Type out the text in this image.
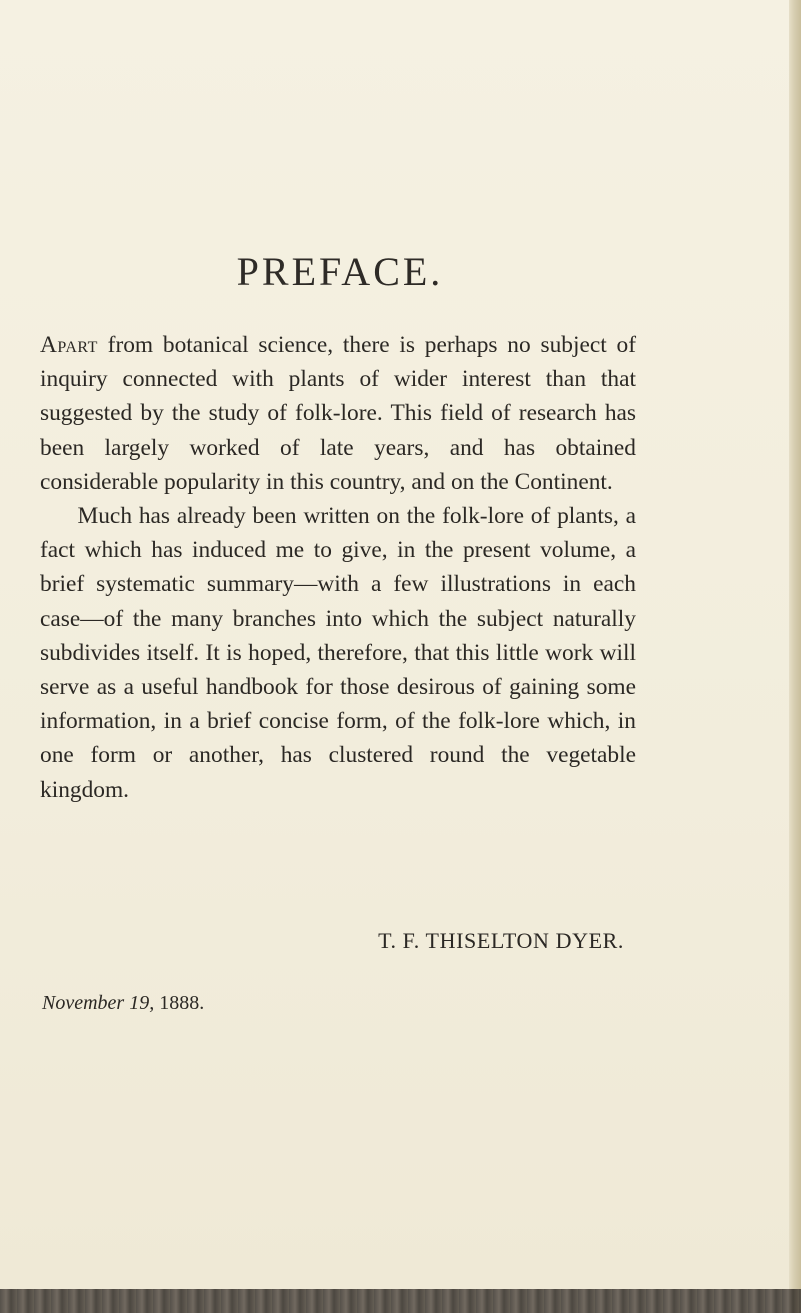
PREFACE.

Apart from botanical science, there is perhaps no subject of inquiry connected with plants of wider interest than that suggested by the study of folk-lore. This field of research has been largely worked of late years, and has obtained considerable popularity in this country, and on the Continent.

Much has already been written on the folk-lore of plants, a fact which has induced me to give, in the present volume, a brief systematic summary—with a few illustrations in each case—of the many branches into which the subject naturally subdivides itself. It is hoped, therefore, that this little work will serve as a useful handbook for those desirous of gaining some information, in a brief concise form, of the folk-lore which, in one form or another, has clustered round the vegetable kingdom.

T. F. THISELTON DYER.

November 19, 1888.
